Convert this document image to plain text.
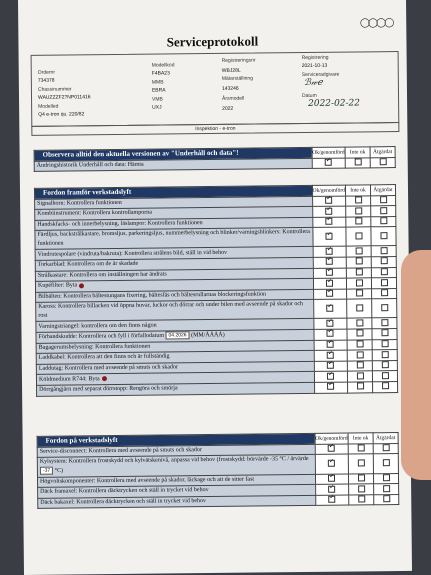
◯◯◯◯
Serviceprotokoll
Ordernr
734378
Chassinummer
WAUZZZF2?NP011416
Modelled
Q4 e-tron qu. 220/82
Modellkod
F4BA23
MMB
EBRA
VMB
UXJ
Registreringsnr
WBJ28L
Mätarställning
143246
Årsmodell
2022
Registrering
2021-10-13
Serviceradgivare
ℬ𝓌ℯ
Datum
2022-02-22
Inspektion - e-tron
Observera alltid den aktuella versionen av "Underhåll och data"!	Ok/genomförd	Inte ok	Åtgärdat
Ändringshistorik Underhåll och data: Hämta	✓		
Fordon framför verkstadslyft	Ok/genomförd	Inte ok	Åtgärdat
Signalhorn: Kontrollera funktionen	✓		
Kombiinstrument: Kontrollera kontrollamporna	✓		
Handskfacks- och innerbelysning, läslampor: Kontrollera funktionen	✓		
Färdljus, backstrålkastare, bromsljus, parkeringsljus, nummerbelysning och blinker/varningsblinkers: Kontrollera funktionen	✓		
Vindrutespolare (vindruta/bakruta): Kontrollera strålens bild, ställ in vid behov	✓		
Torkarblad: Kontrollera om de är skadade	✓		
Strålkastare: Kontrollera om inställningen har ändrats	✓		
Kupéfilter: Byta	✓		
Bilbälten: Kontrollera bältestungans fixering, bältesfäs och bältesrullarnas blockeringsfunktion	✓		
Kaross: Kontrollera billacken vid öppna huvar, luckor och dörrar och under bilen med avseende på skador och rost	✓		
Varningstriangel: kontrollera om den finns någon	✓		
Förbandskudde: Kontrollera och fyll i förfallodatum 04.2026 (MM/ÅÅÅÅ)	✓		
Bagagerumsbelysning: Kontrollera funktionen	✓		
Laddkabel: Kontrollera att den finns och är fullständig	✓		
Laddutag: Kontrollera med avseende på smuts och skador	✓		
Köldmedium R744: Byta	✓		
Dörrgångjärn med separat dörrstopp: Rengöra och smörja	✓		
Fordon på verkstadslyft	Ok/genomförd	Inte ok	Åtgärdat
Service-disconnect: Kontrollera med avseende på smuts och skador	✓		
Kylsystem: Kontrollera frostskydd och kylvätskenivå, anpassa vid behov (frostskydd: börvärde -35 °C / ärvärde -37 °C)	✓		
Högvoltskomponenter: Kontrollera med avseende på skador, läckage och att de sitter fast	✓		
Däck framaxel: Kontrollera däcktrycken och ställ in trycket vid behov	✓		
Däck bakaxel: Kontrollera däcktrycken och ställ in trycket vid behov	✓		
